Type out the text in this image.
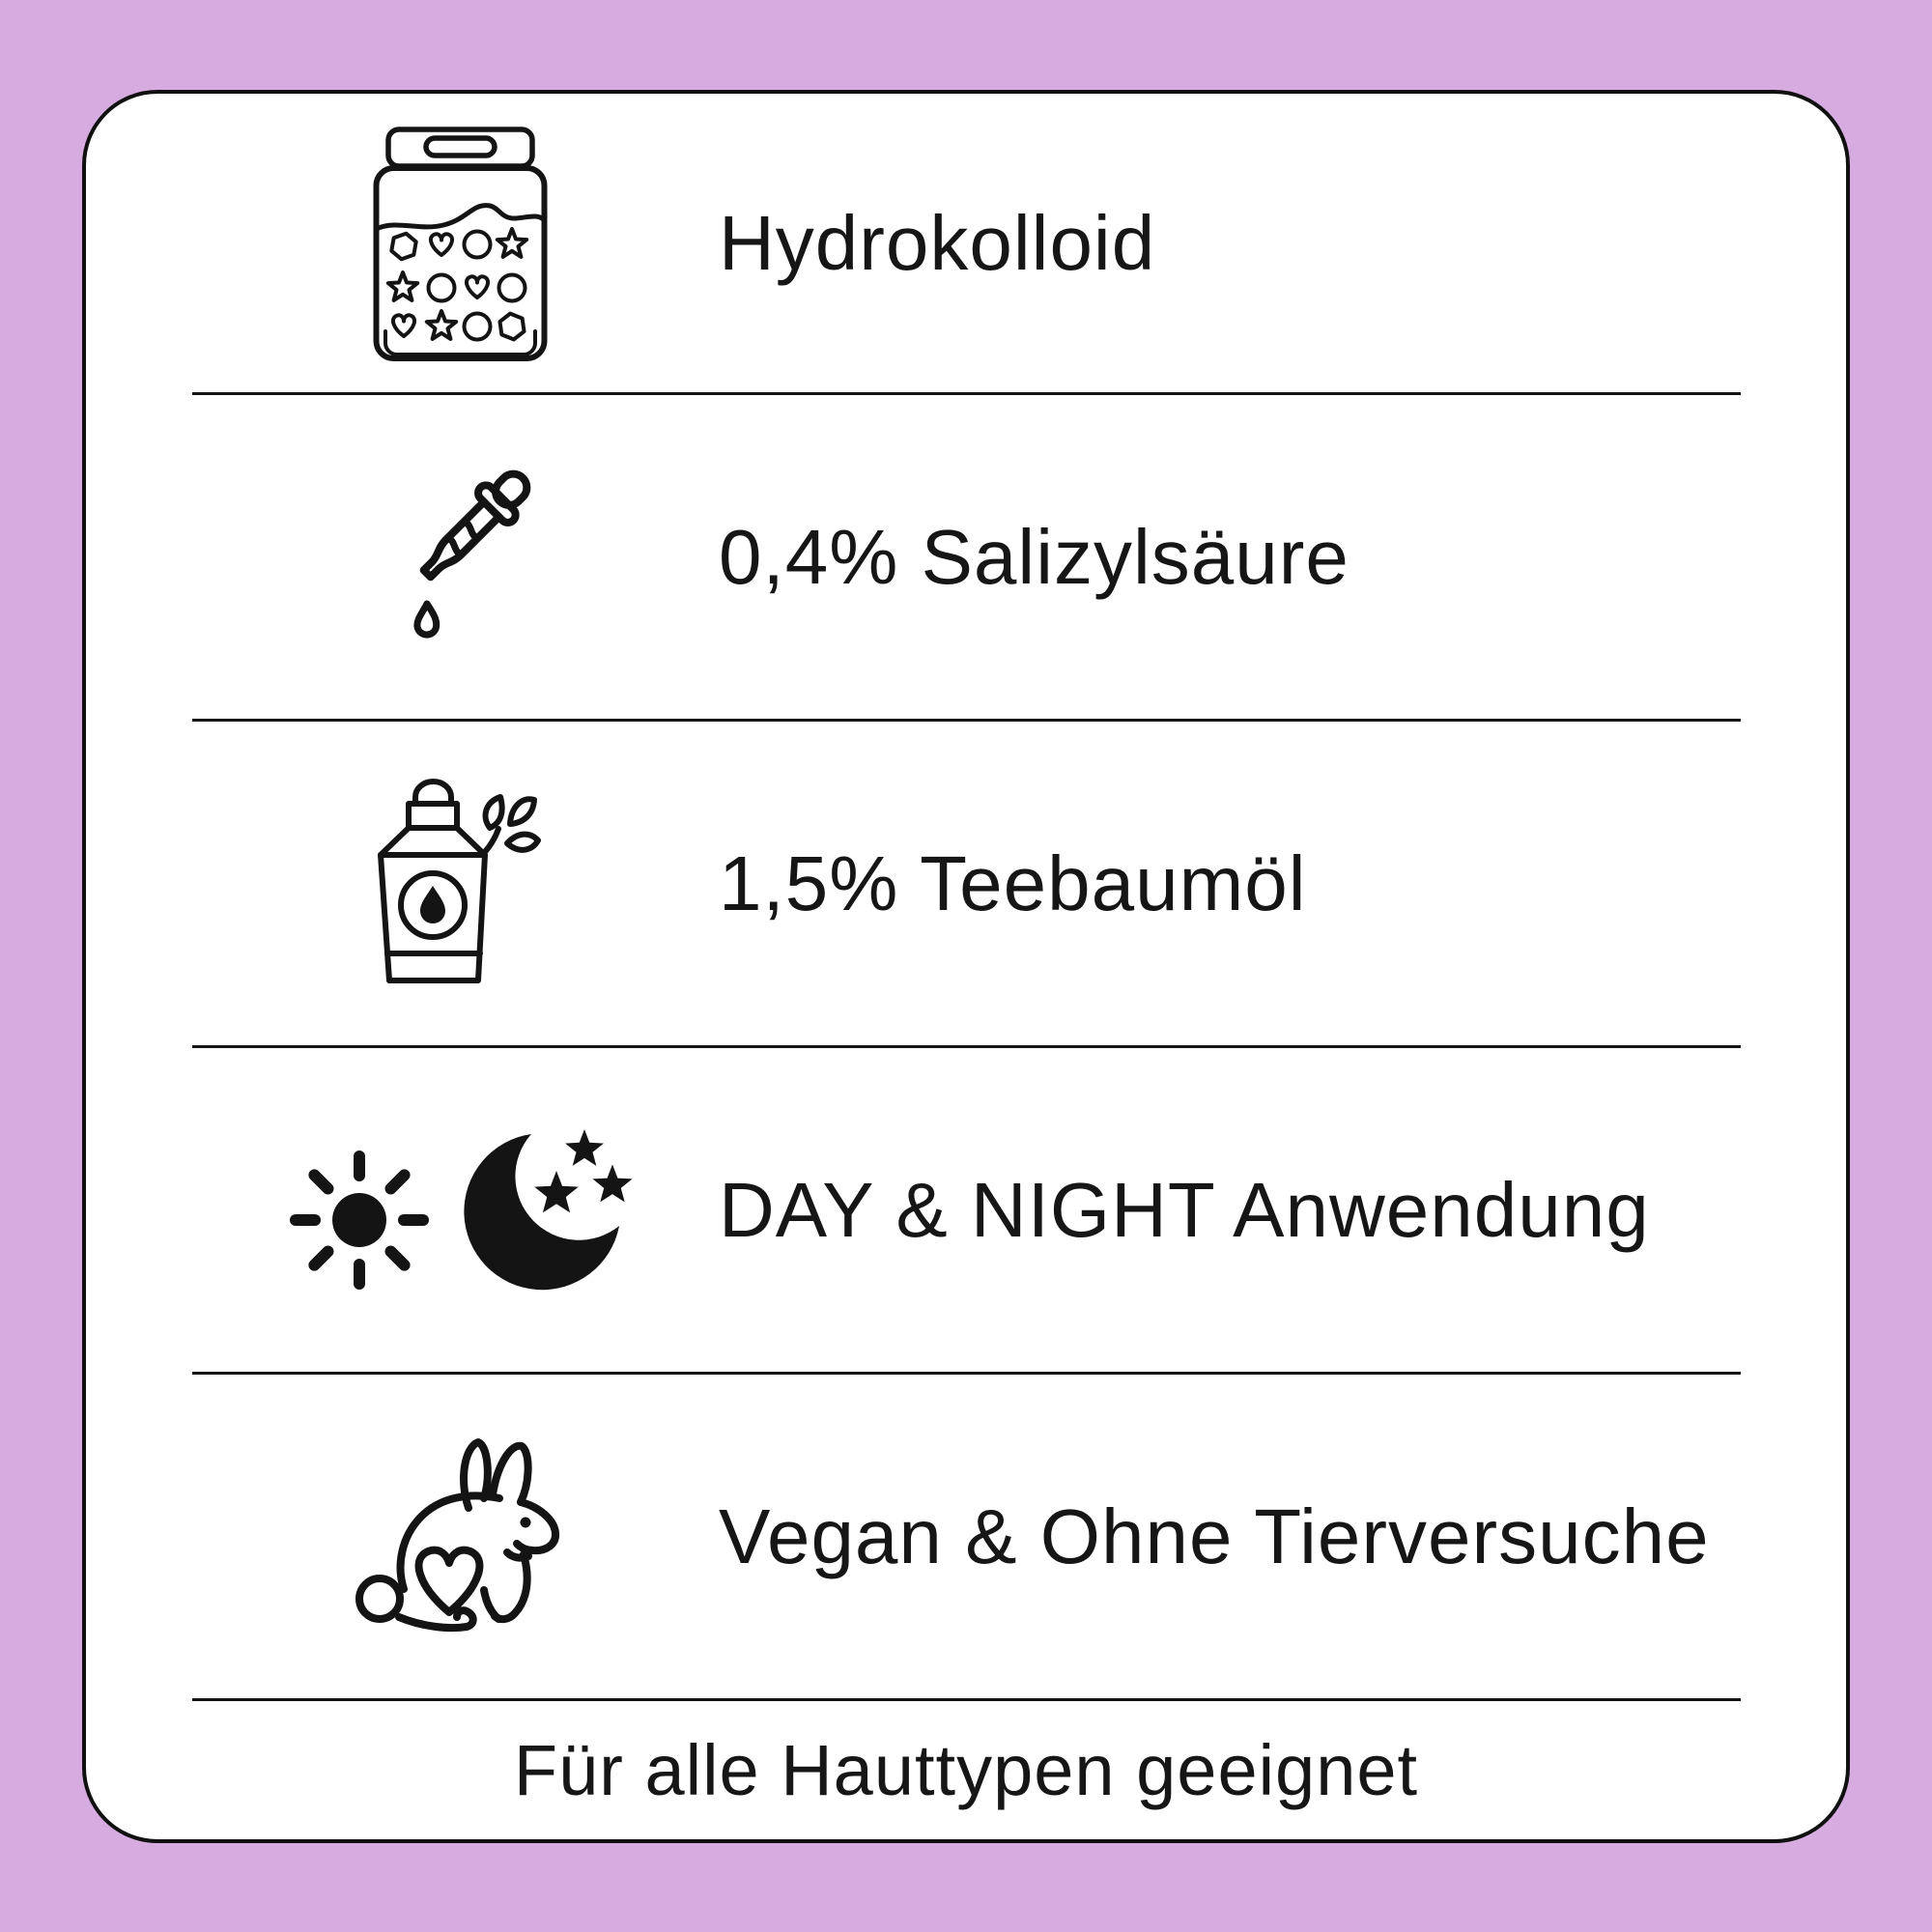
Hydrokolloid
0,4% Salizylsäure
1,5% Teebaumöl
DAY & NIGHT Anwendung
Vegan & Ohne Tierversuche
Für alle Hauttypen geeignet
